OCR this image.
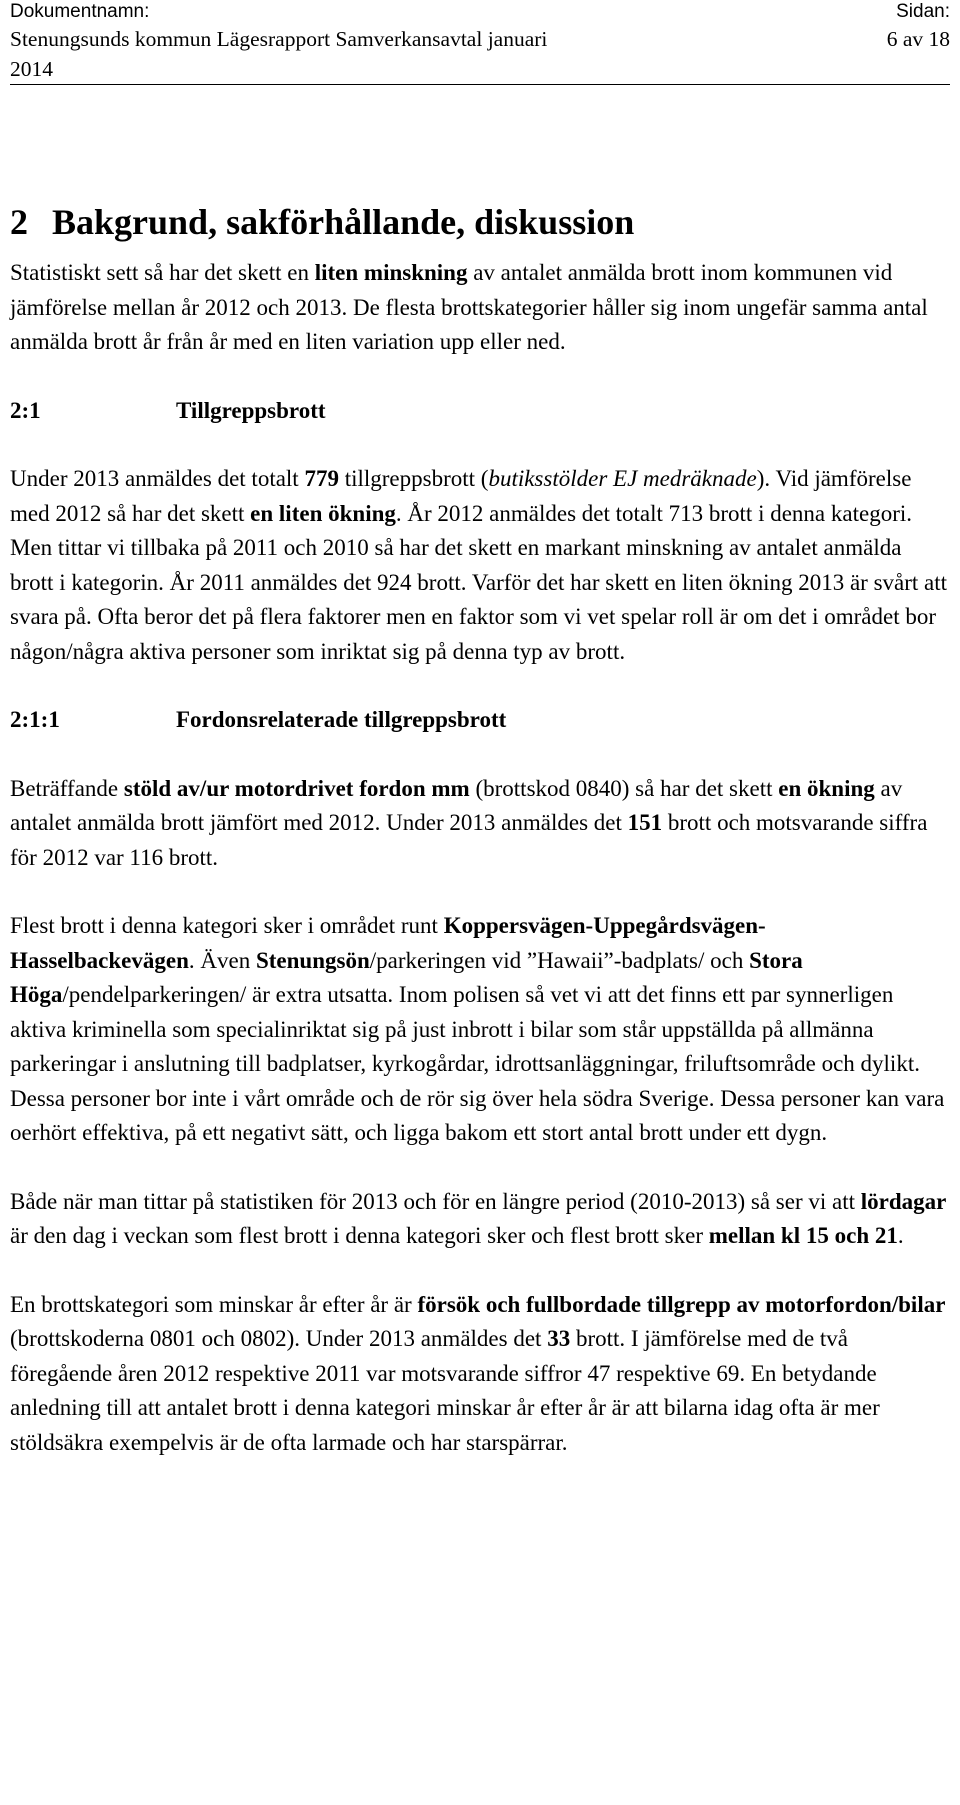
Dokumentnamn:
Stenungsunds kommun Lägesrapport Samverkansavtal januari
2014
Sidan:
6 av 18
2 Bakgrund, sakförhållande, diskussion

Statistiskt sett så har det skett en liten minskning av antalet anmälda brott inom kommunen vid jämförelse mellan år 2012 och 2013. De flesta brottskategorier håller sig inom ungefär samma antal anmälda brott år från år med en liten variation upp eller ned.

2:1	Tillgreppsbrott

Under 2013 anmäldes det totalt 779 tillgreppsbrott (butiksstölder EJ medräknade). Vid jämförelse med 2012 så har det skett en liten ökning. År 2012 anmäldes det totalt 713 brott i denna kategori. Men tittar vi tillbaka på 2011 och 2010 så har det skett en markant minskning av antalet anmälda brott i kategorin. År 2011 anmäldes det 924 brott. Varför det har skett en liten ökning 2013 är svårt att svara på. Ofta beror det på flera faktorer men en faktor som vi vet spelar roll är om det i området bor någon/några aktiva personer som inriktat sig på denna typ av brott.

2:1:1	Fordonsrelaterade tillgreppsbrott

Beträffande stöld av/ur motordrivet fordon mm (brottskod 0840) så har det skett en ökning av antalet anmälda brott jämfört med 2012. Under 2013 anmäldes det 151 brott och motsvarande siffra för 2012 var 116 brott.

Flest brott i denna kategori sker i området runt Koppersvägen-Uppegårdsvägen-Hasselbackevägen. Även Stenungsön/parkeringen vid ”Hawaii”-badplats/ och Stora Höga/pendelparkeringen/ är extra utsatta. Inom polisen så vet vi att det finns ett par synnerligen aktiva kriminella som specialinriktat sig på just inbrott i bilar som står uppställda på allmänna parkeringar i anslutning till badplatser, kyrkogårdar, idrottsanläggningar, friluftsområde och dylikt. Dessa personer bor inte i vårt område och de rör sig över hela södra Sverige. Dessa personer kan vara oerhört effektiva, på ett negativt sätt, och ligga bakom ett stort antal brott under ett dygn.

Både när man tittar på statistiken för 2013 och för en längre period (2010-2013) så ser vi att lördagar är den dag i veckan som flest brott i denna kategori sker och flest brott sker mellan kl 15 och 21.

En brottskategori som minskar år efter år är försök och fullbordade tillgrepp av motorfordon/bilar (brottskoderna 0801 och 0802). Under 2013 anmäldes det 33 brott. I jämförelse med de två föregående åren 2012 respektive 2011 var motsvarande siffror 47 respektive 69. En betydande anledning till att antalet brott i denna kategori minskar år efter år är att bilarna idag ofta är mer stöldsäkra exempelvis är de ofta larmade och har starspärrar.
